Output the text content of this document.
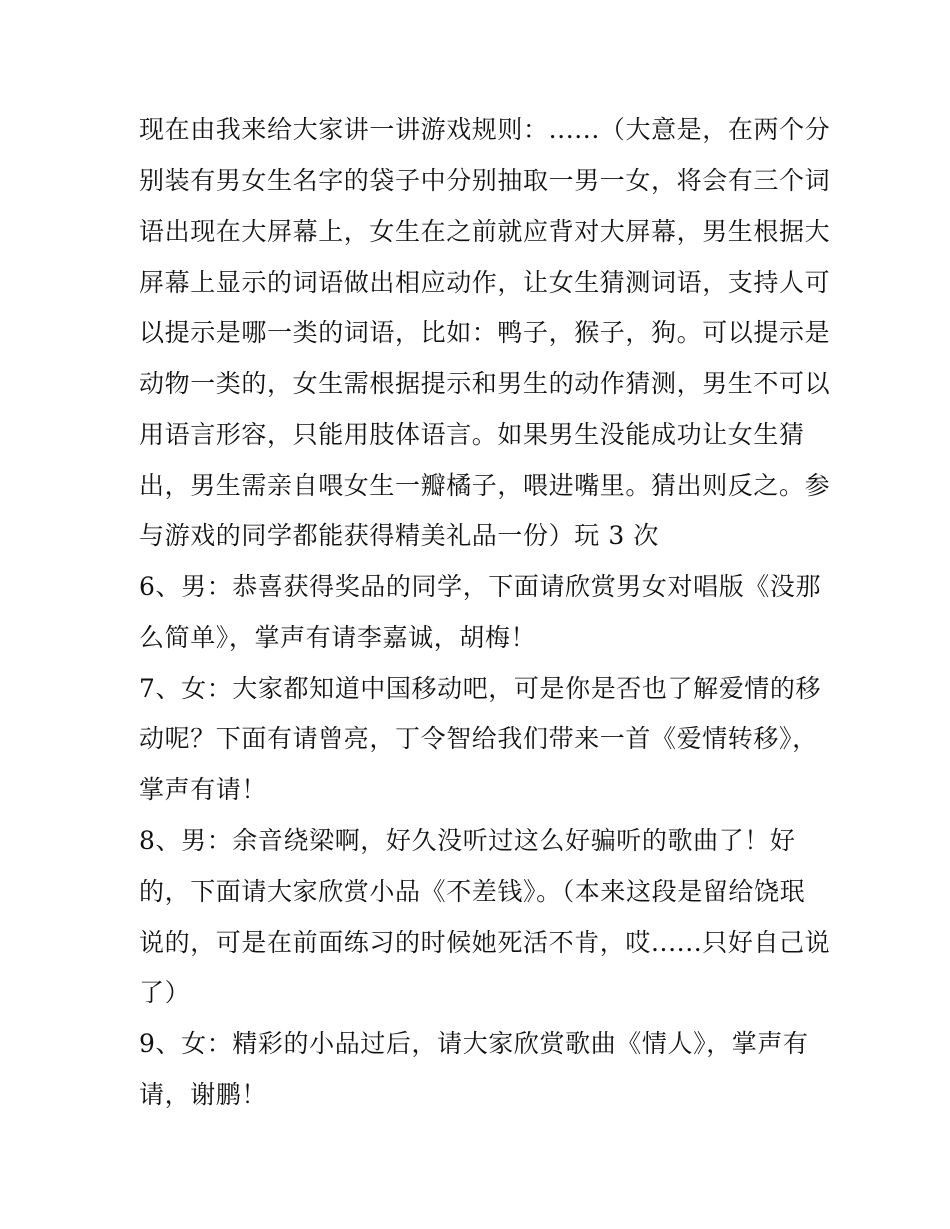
现在由我来给大家讲一讲游戏规则：......（大意是，在两个分

别装有男女生名字的袋子中分别抽取一男一女，将会有三个词

语出现在大屏幕上，女生在之前就应背对大屏幕，男生根据大

屏幕上显示的词语做出相应动作，让女生猜测词语，支持人可

以提示是哪一类的词语，比如：鸭子，猴子，狗。可以提示是

动物一类的，女生需根据提示和男生的动作猜测，男生不可以

用语言形容，只能用肢体语言。如果男生没能成功让女生猜

出，男生需亲自喂女生一瓣橘子，喂进嘴里。猜出则反之。参

与游戏的同学都能获得精美礼品一份）玩 3 次

6、男：恭喜获得奖品的同学，下面请欣赏男女对唱版《没那

么简单》，掌声有请李嘉诚，胡梅！

7、女：大家都知道中国移动吧，可是你是否也了解爱情的移

动呢？下面有请曾亮，丁令智给我们带来一首《爱情转移》，

掌声有请！

8、男：余音绕梁啊，好久没听过这么好骗听的歌曲了！好

的，下面请大家欣赏小品《不差钱》。（本来这段是留给饶珉

说的，可是在前面练习的时候她死活不肯，哎......只好自己说

了）

9、女：精彩的小品过后，请大家欣赏歌曲《情人》，掌声有

请，谢鹏！
